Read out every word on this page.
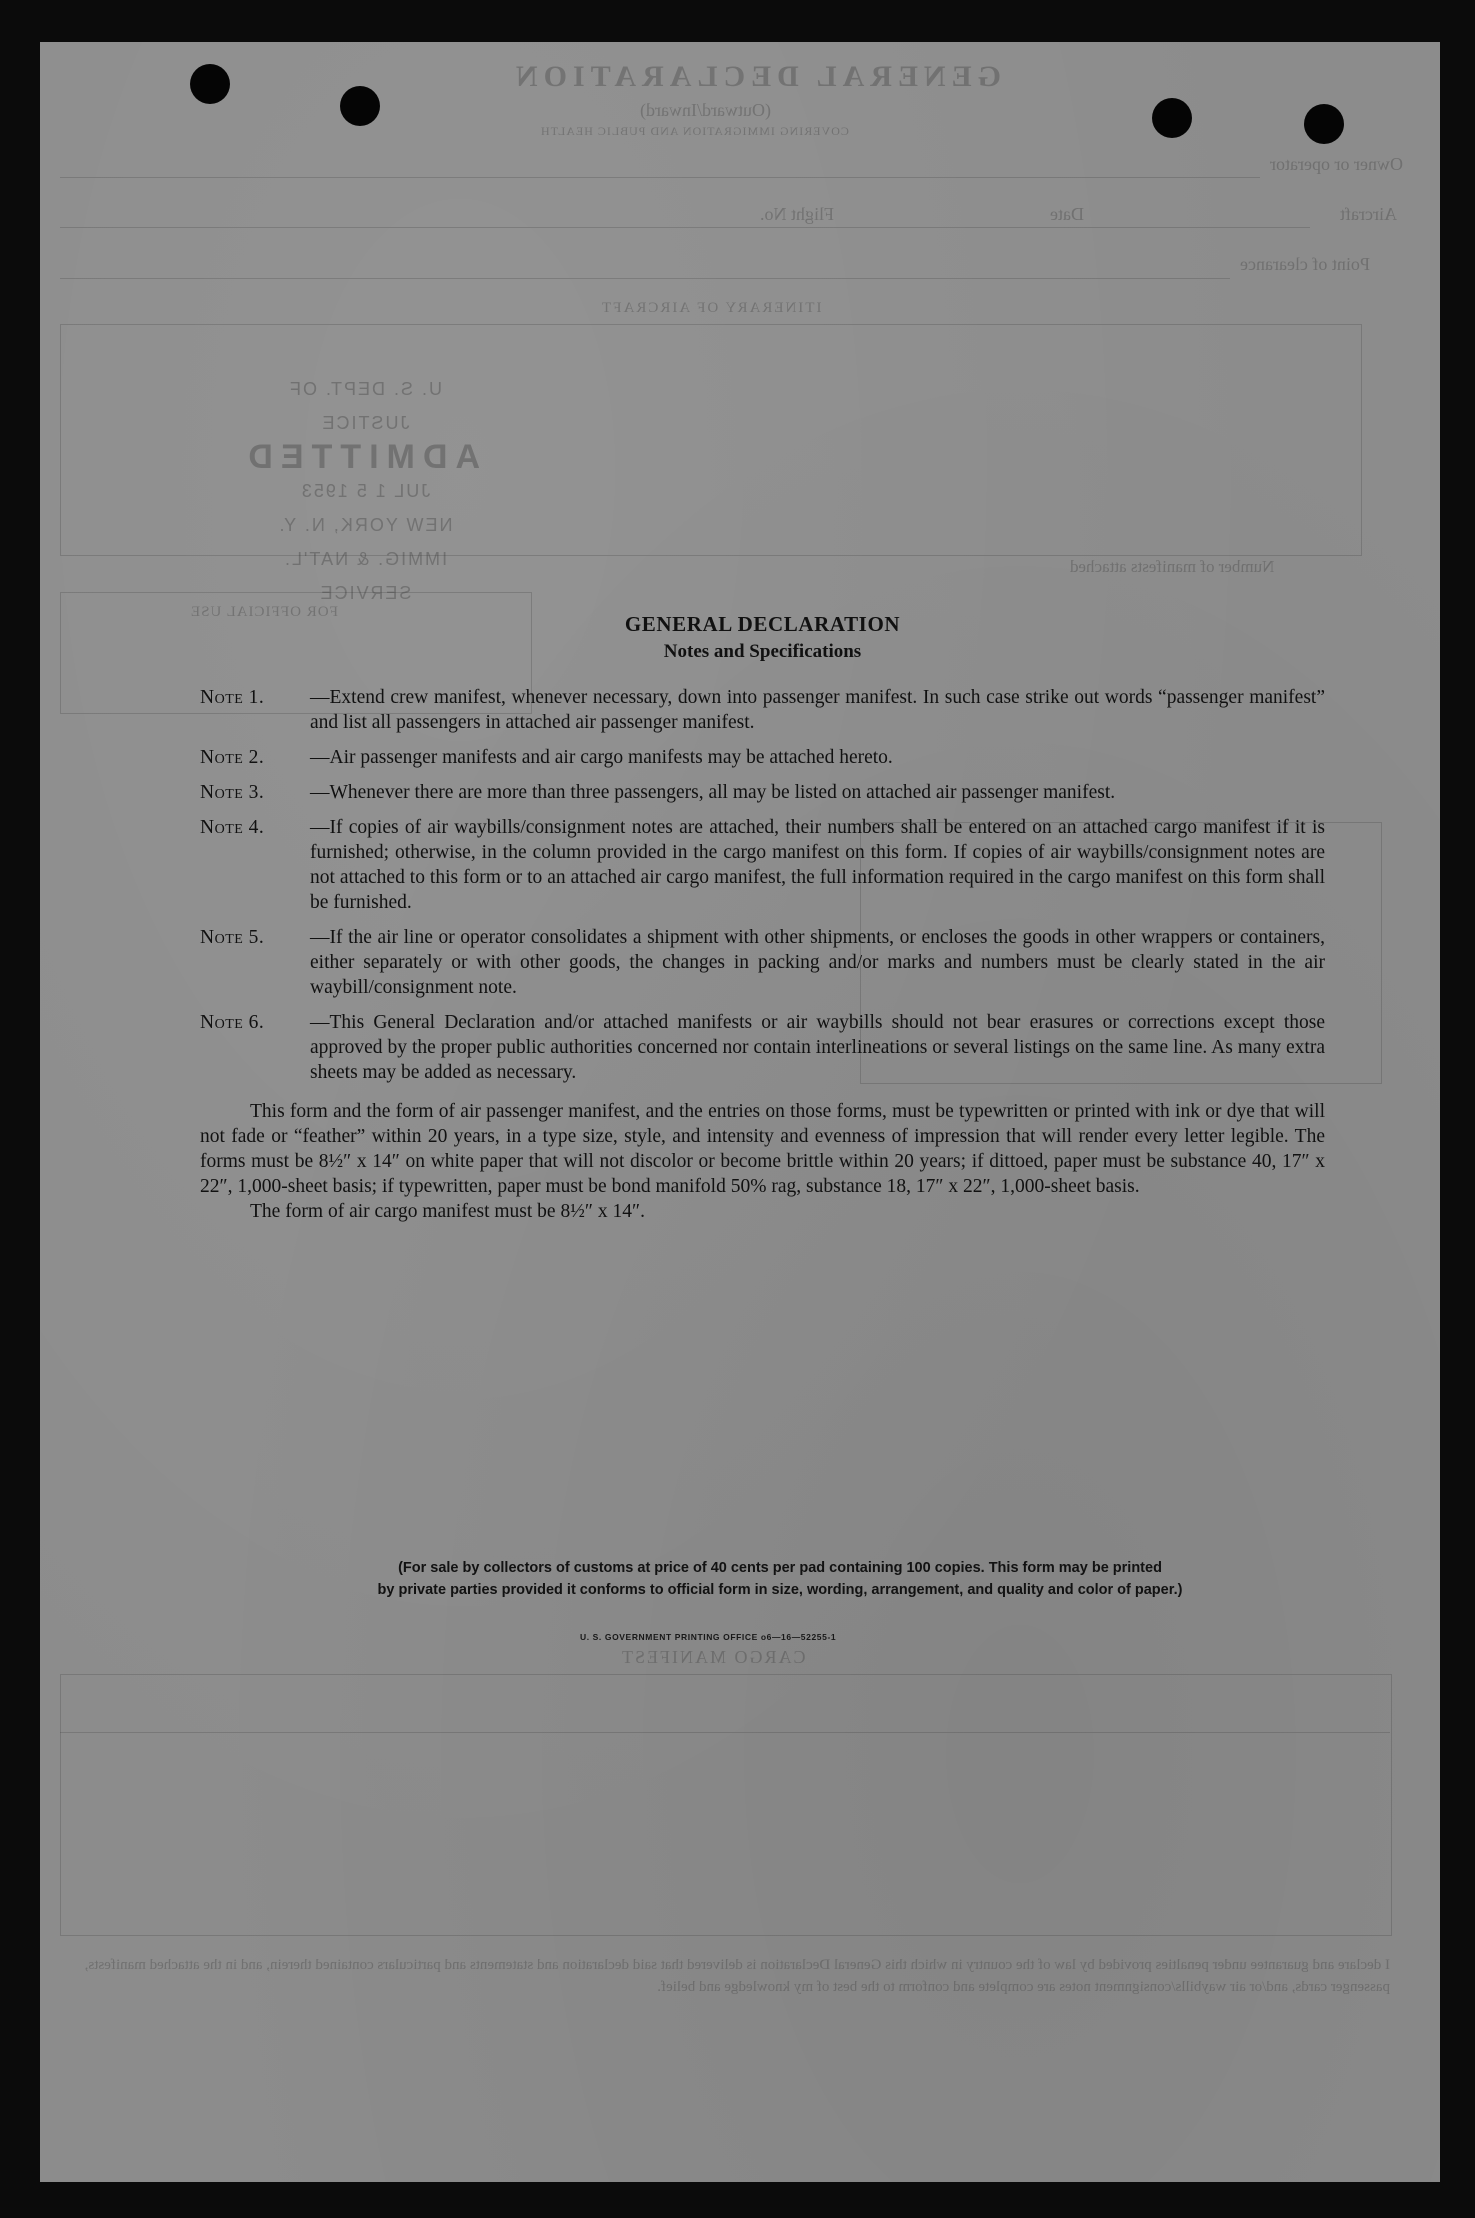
GENERAL DECLARATION
(Outward/Inward)
COVERING IMMIGRATION AND PUBLIC HEALTH
Owner or operator
Aircraft
Flight No.	Date
Point of clearance
ITINERARY OF AIRCRAFT
Number of manifests attached
FOR OFFICIAL USE
CARGO MANIFEST
I declare and guarantee under penalties provided by law of the country in which this General Declaration is delivered that said declaration and statements and particulars contained therein, and in the attached manifests, passenger cards, and/or air waybills/consignment notes are complete and conform to the best of my knowledge and belief.
U. S. DEPT. OF JUSTICE
ADMITTED
JUL 1 5 1953
NEW YORK, N. Y.
IMMIG. & NAT'L. SERVICE
GENERAL DECLARATION
Notes and Specifications
Note 1.	—Extend crew manifest, whenever necessary, down into passenger manifest. In such case strike out words “passenger manifest” and list all passengers in attached air passenger manifest.
Note 2.	—Air passenger manifests and air cargo manifests may be attached hereto.
Note 3.	—Whenever there are more than three passengers, all may be listed on attached air passenger manifest.
Note 4.	—If copies of air waybills/consignment notes are attached, their numbers shall be entered on an attached cargo manifest if it is furnished; otherwise, in the column provided in the cargo manifest on this form. If copies of air waybills/consignment notes are not attached to this form or to an attached air cargo manifest, the full information required in the cargo manifest on this form shall be furnished.
Note 5.	—If the air line or operator consolidates a shipment with other shipments, or encloses the goods in other wrappers or containers, either separately or with other goods, the changes in packing and/or marks and numbers must be clearly stated in the air waybill/consignment note.
Note 6.	—This General Declaration and/or attached manifests or air waybills should not bear erasures or corrections except those approved by the proper public authorities concerned nor contain interlineations or several listings on the same line. As many extra sheets may be added as necessary.
This form and the form of air passenger manifest, and the entries on those forms, must be typewritten or printed with ink or dye that will not fade or “feather” within 20 years, in a type size, style, and intensity and evenness of impression that will render every letter legible. The forms must be 8½″ x 14″ on white paper that will not discolor or become brittle within 20 years; if dittoed, paper must be substance 40, 17″ x 22″, 1,000-sheet basis; if typewritten, paper must be bond manifold 50% rag, substance 18, 17″ x 22″, 1,000-sheet basis.
The form of air cargo manifest must be 8½″ x 14″.
(For sale by collectors of customs at price of 40 cents per pad containing 100 copies. This form may be printed
by private parties provided it conforms to official form in size, wording, arrangement, and quality and color of paper.)
U. S. GOVERNMENT PRINTING OFFICE o6—16—52255-1
